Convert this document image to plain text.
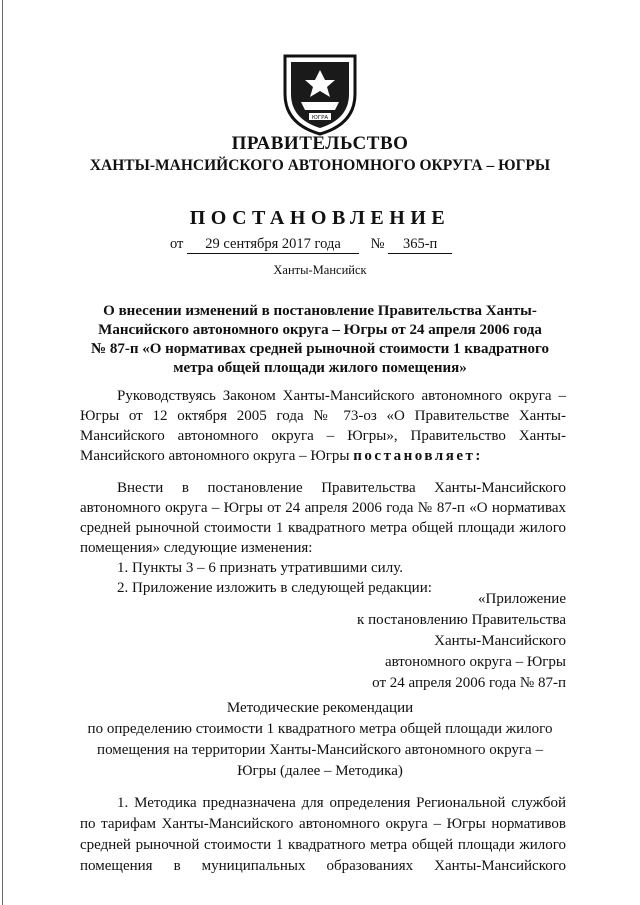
ЮГРА
ПРАВИТЕЛЬСТВО
ХАНТЫ-МАНСИЙСКОГО АВТОНОМНОГО ОКРУГА – ЮГРЫ
ПОСТАНОВЛЕНИЕ
от 29 сентября 2017 года № 365-п
Ханты-Мансийск
О внесении изменений в постановление Правительства Ханты-
Мансийского автономного округа – Югры от 24 апреля 2006 года
№ 87-п «О нормативах средней рыночной стоимости 1 квадратного
метра общей площади жилого помещения»
Руководствуясь Законом Ханты-Мансийского автономного округа –
Югры от 12 октября 2005 года № 73-оз «О Правительстве Ханты-
Мансийского автономного округа – Югры», Правительство Ханты-
Мансийского автономного округа – Югры постановляет:
Внести в постановление Правительства Ханты-Мансийского
автономного округа – Югры от 24 апреля 2006 года № 87-п «О нормативах
средней рыночной стоимости 1 квадратного метра общей площади жилого
помещения» следующие изменения:
1. Пункты 3 – 6 признать утратившими силу.
2. Приложение изложить в следующей редакции:
«Приложение
к постановлению Правительства
Ханты-Мансийского
автономного округа – Югры
от 24 апреля 2006 года № 87-п
Методические рекомендации
по определению стоимости 1 квадратного метра общей площади жилого
помещения на территории Ханты-Мансийского автономного округа –
Югры (далее – Методика)
1. Методика предназначена для определения Региональной службой
по тарифам Ханты-Мансийского автономного округа – Югры нормативов
средней рыночной стоимости 1 квадратного метра общей площади жилого
помещения в муниципальных образованиях Ханты-Мансийского
